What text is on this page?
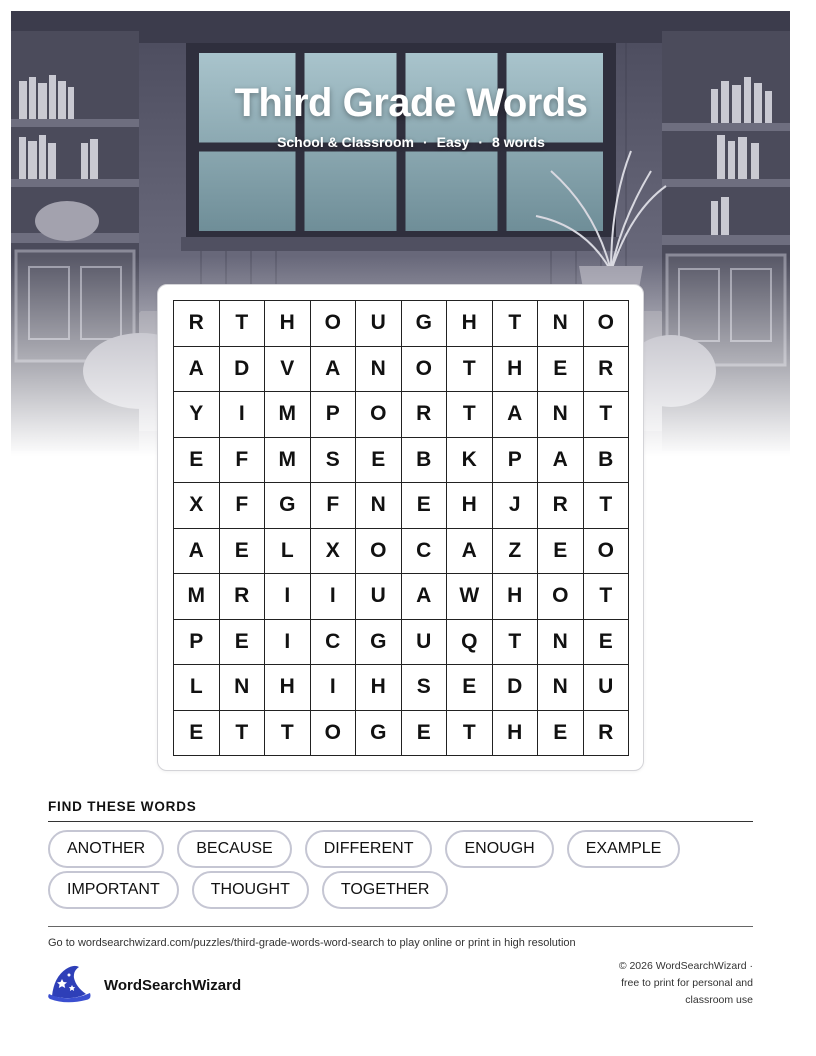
Third Grade Words
School & Classroom · Easy · 8 words
R	T	H	O	U	G	H	T	N	O
A	D	V	A	N	O	T	H	E	R
Y	I	M	P	O	R	T	A	N	T
E	F	M	S	E	B	K	P	A	B
X	F	G	F	N	E	H	J	R	T
A	E	L	X	O	C	A	Z	E	O
M	R	I	I	U	A	W	H	O	T
P	E	I	C	G	U	Q	T	N	E
L	N	H	I	H	S	E	D	N	U
E	T	T	O	G	E	T	H	E	R
FIND THESE WORDS
ANOTHER	BECAUSE	DIFFERENT	ENOUGH	EXAMPLE
IMPORTANT	THOUGHT	TOGETHER
Go to wordsearchwizard.com/puzzles/third-grade-words-word-search to play online or print in high resolution
WordSearchWizard
© 2026 WordSearchWizard ·
free to print for personal and
classroom use
